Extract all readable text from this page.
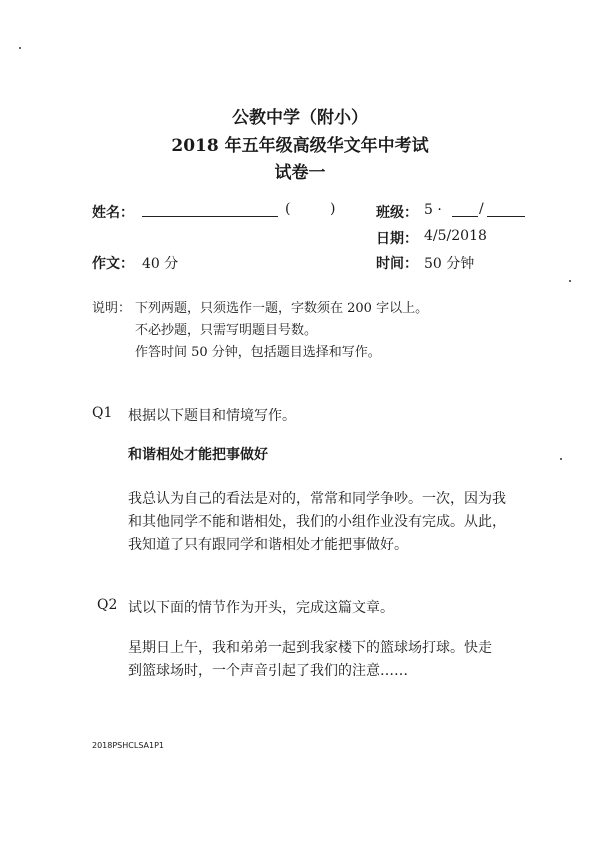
公教中学（附小）
2018 年五年级高级华文年中考试
试卷一
姓名：	(	)	班级： 5 ·	/
日期： 4/5/2018
作文： 40 分	时间： 50 分钟
说明： 下列两题，只须选作一题，字数须在 200 字以上。
不必抄题，只需写明题目号数。
作答时间 50 分钟，包括题目选择和写作。
Q1 根据以下题目和情境写作。
和谐相处才能把事做好
我总认为自己的看法是对的，常常和同学争吵。一次，因为我
和其他同学不能和谐相处，我们的小组作业没有完成。从此，
我知道了只有跟同学和谐相处才能把事做好。
Q2 试以下面的情节作为开头，完成这篇文章。
星期日上午，我和弟弟一起到我家楼下的篮球场打球。快走
到篮球场时，一个声音引起了我们的注意……
2018PSHCLSA1P1
